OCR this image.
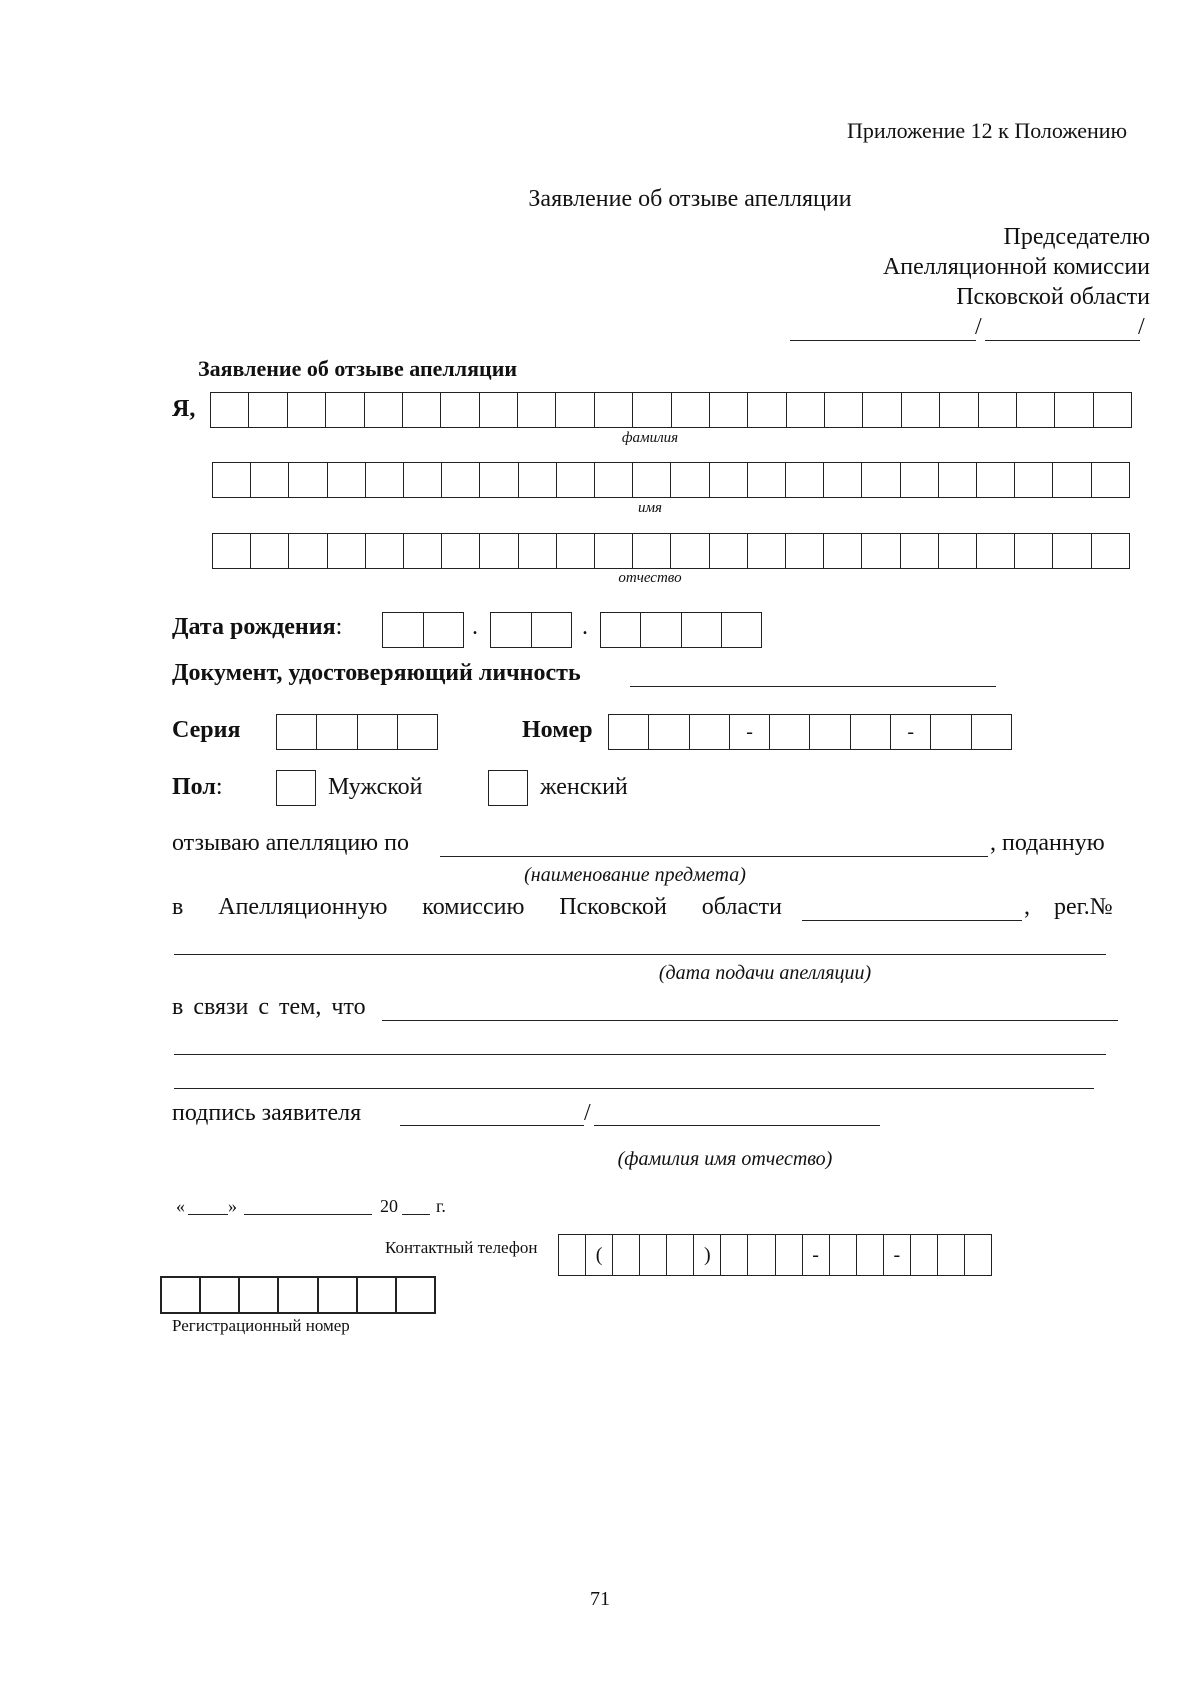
Приложение 12 к Положению
Заявление об отзыве апелляции
Председателю
Апелляционной комиссии
Псковской области
/	/
Заявление об отзыве апелляции
Я,
фамилия
имя
отчество
Дата рождения:	.	.
Документ, удостоверяющий личность
Серия	Номер	-	-
Пол:	Мужской	женский
отзываю апелляцию по	, поданную
(наименование предмета)
в Апелляционную комиссию Псковской области	, рег.№
(дата подачи апелляции)
в связи с тем, что
подпись заявителя	/
(фамилия имя отчество)
« »	20 г.
Контактный телефон	(	)	-	-
Регистрационный номер
71
